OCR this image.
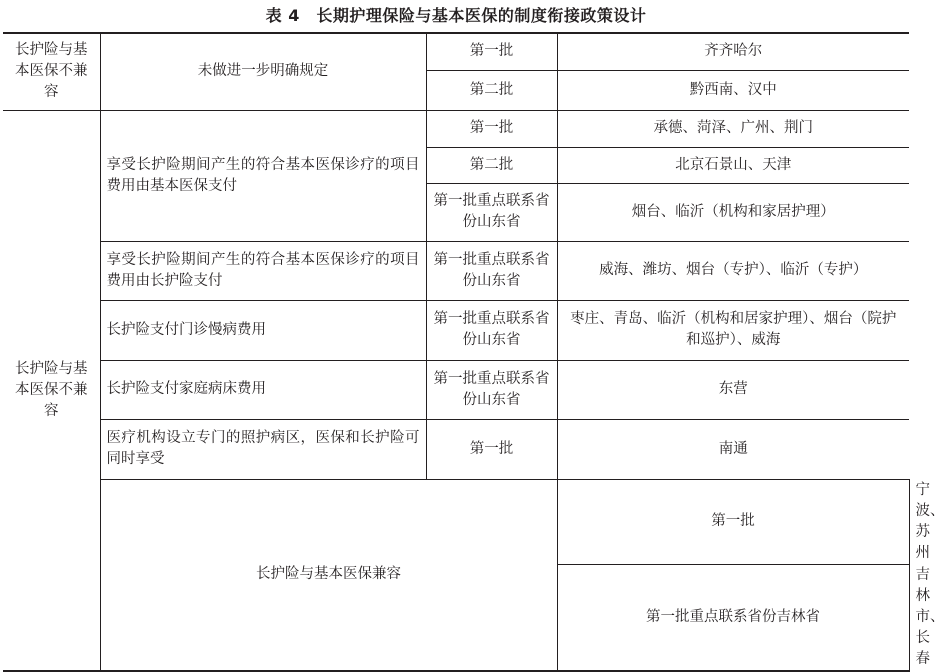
表 4　长期护理保险与基本医保的制度衔接政策设计
长护险与基本医保不兼容	未做进一步明确规定	第一批	齐齐哈尔	
		第二批	黔西南、汉中	
长护险与基本医保不兼容	享受长护险期间产生的符合基本医保诊疗的项目费用由基本医保支付	第一批	承德、菏泽、广州、荆门	
		第二批	北京石景山、天津	
		第一批重点联系省份山东省	烟台、临沂（机构和家居护理）	
	享受长护险期间产生的符合基本医保诊疗的项目费用由长护险支付	第一批重点联系省份山东省	威海、潍坊、烟台（专护）、临沂（专护）	
	长护险支付门诊慢病费用	第一批重点联系省份山东省	枣庄、青岛、临沂（机构和居家护理）、烟台（院护和巡护）、威海	
	长护险支付家庭病床费用	第一批重点联系省份山东省	东营	
	医疗机构设立专门的照护病区，医保和长护险可同时享受	第一批	南通	
	长护险与基本医保兼容		第一批	宁波、苏州
			第一批重点联系省份吉林省	吉林市、长春
